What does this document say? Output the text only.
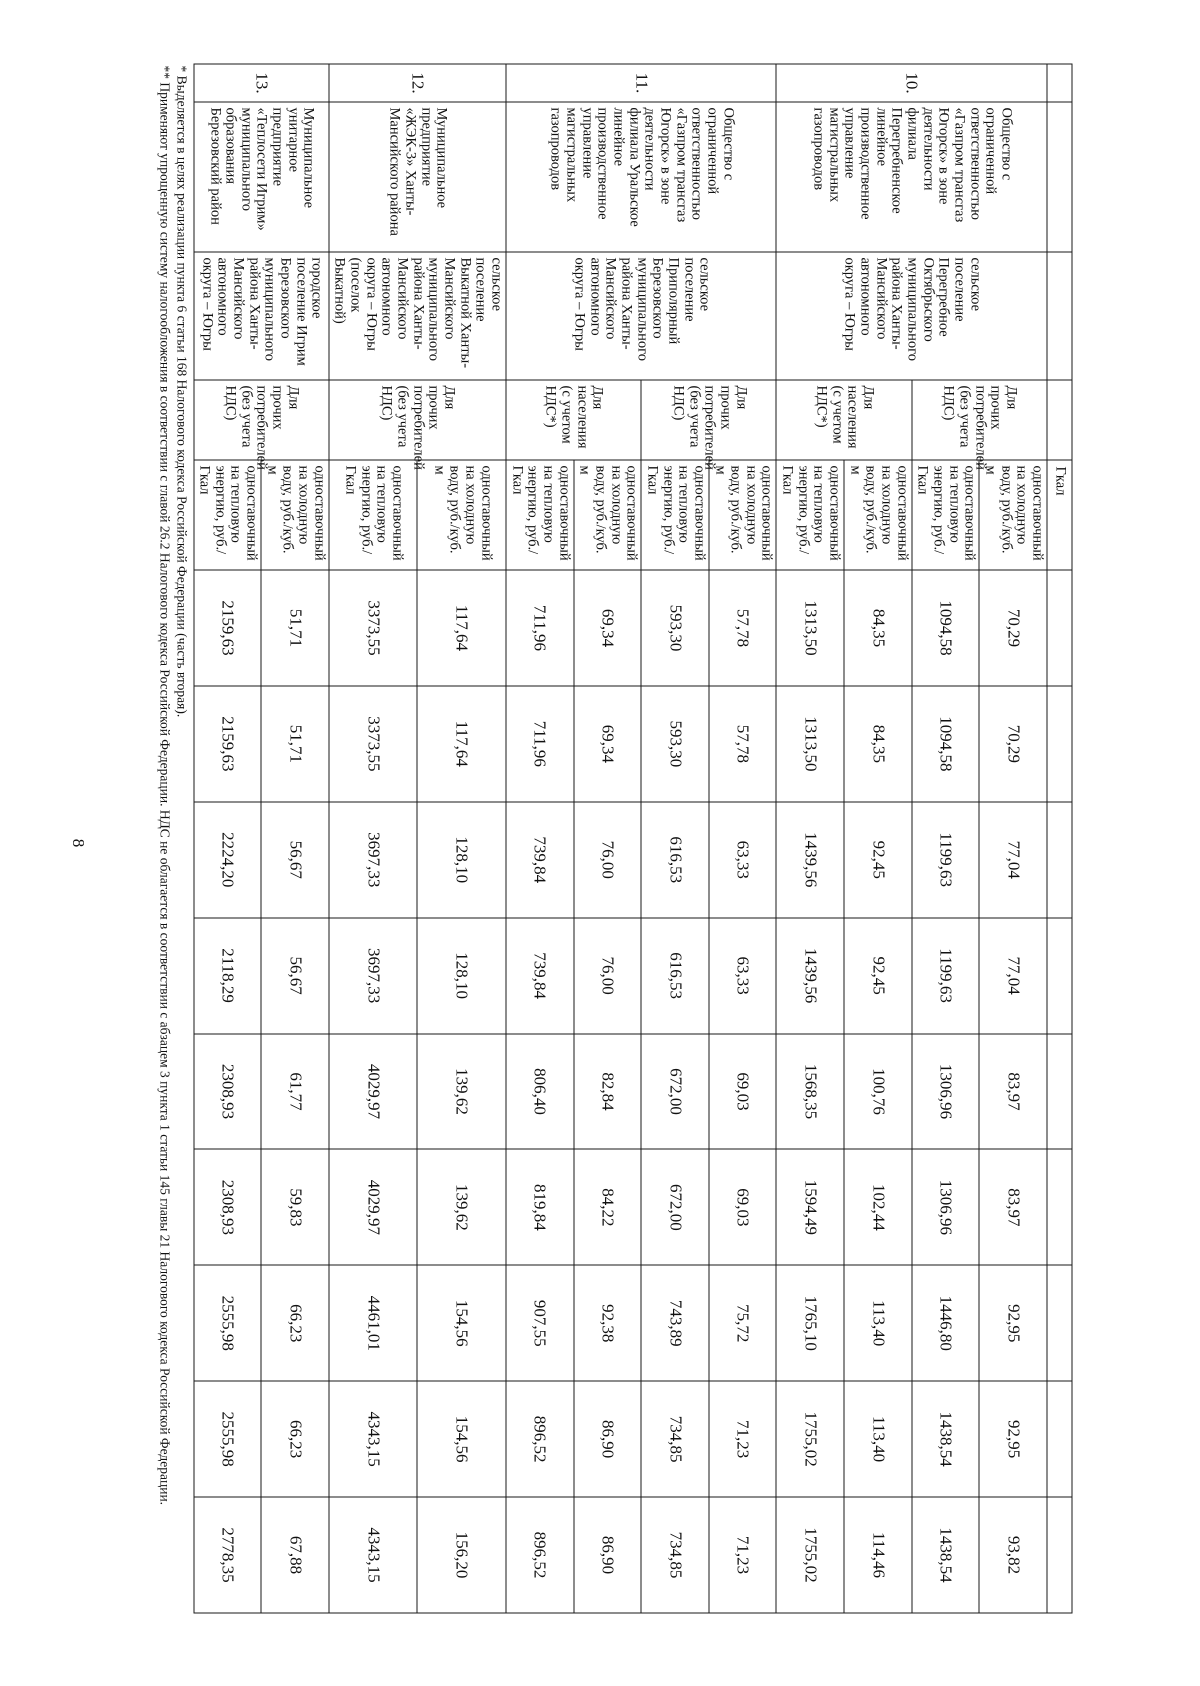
8
				Гкал									
10.	Общество с ограниченной ответственностью «Газпром трансгаз Югорск» в зоне деятельности филиала Перегребненское линейное производственное управление магистральных газопроводов	сельское поселение Перегребное Октябрьского муниципального района Ханты-Мансийского автономного округа – Югры	Для прочих потребителей (без учета НДС)	одноставочный на холодную воду, руб./куб. м	70,29	70,29	77,04	77,04	83,97	83,97	92,95	92,95	93,82
				одноставочный на тепловую энергию, руб./ Гкал	1094,58	1094,58	1199,63	1199,63	1306,96	1306,96	1446,80	1438,54	1438,54
			Для населения (с учетом НДС*)	одноставочный на холодную воду, руб./куб. м	84,35	84,35	92,45	92,45	100,76	102,44	113,40	113,40	114,46
				одноставочный на тепловую энергию, руб./ Гкал	1313,50	1313,50	1439,56	1439,56	1568,35	1594,49	1765,10	1755,02	1755,02
11.	Общество с ограниченной ответственностью «Газпром трансгаз Югорск» в зоне деятельности филиала Уральское линейное производственное управление магистральных газопроводов	сельское поселение Приполярный Березовского муниципального района Ханты-Мансийского автономного округа – Югры	Для прочих потребителей (без учета НДС)	одноставочный на холодную воду, руб./куб. м	57,78	57,78	63,33	63,33	69,03	69,03	75,72	71,23	71,23
				одноставочный на тепловую энергию, руб./ Гкал	593,30	593,30	616,53	616,53	672,00	672,00	743,89	734,85	734,85
			Для населения (с учетом НДС*)	одноставочный на холодную воду, руб./куб. м	69,34	69,34	76,00	76,00	82,84	84,22	92,38	86,90	86,90
				одноставочный на тепловую энергию, руб./ Гкал	711,96	711,96	739,84	739,84	806,40	819,84	907,55	896,52	896,52
12.	Муниципальное предприятие «ЖЭК-3» Ханты-Мансийского района	сельское поселение Выкатной Ханты-Мансийского муниципального района Ханты-Мансийского автономного округа – Югры (поселок Выкатной)	Для прочих потребителей (без учета НДС)	одноставочный на холодную воду, руб./куб. м	117,64	117,64	128,10	128,10	139,62	139,62	154,56	154,56	156,20
				одноставочный на тепловую энергию, руб./ Гкал	3373,55	3373,55	3697,33	3697,33	4029,97	4029,97	4461,01	4343,15	4343,15
13.	Муниципальное унитарное предприятие «Теплосети Игрим» муниципального образования Березовский район	городское поселение Игрим Березовского муниципального района Ханты-Мансийского автономного округа – Югры	Для прочих потребителей (без учета НДС)	одноставочный на холодную воду, руб./куб. м	51,71	51,71	56,67	56,67	61,77	59,83	66,23	66,23	67,88
				одноставочный на тепловую энергию, руб./ Гкал	2159,63	2159,63	2224,20	2118,29	2308,93	2308,93	2555,98	2555,98	2778,35
* Выделяется в целях реализации пункта 6 статьи 168 Налогового кодекса Российской Федерации (часть вторая).
** Применяют упрощенную систему налогообложения в соответствии с главой 26.2 Налогового кодекса Российской Федерации. НДС не облагается в соответствии с абзацем 3 пункта 1 статьи 145 главы 21 Налогового кодекса Российской Федерации.
